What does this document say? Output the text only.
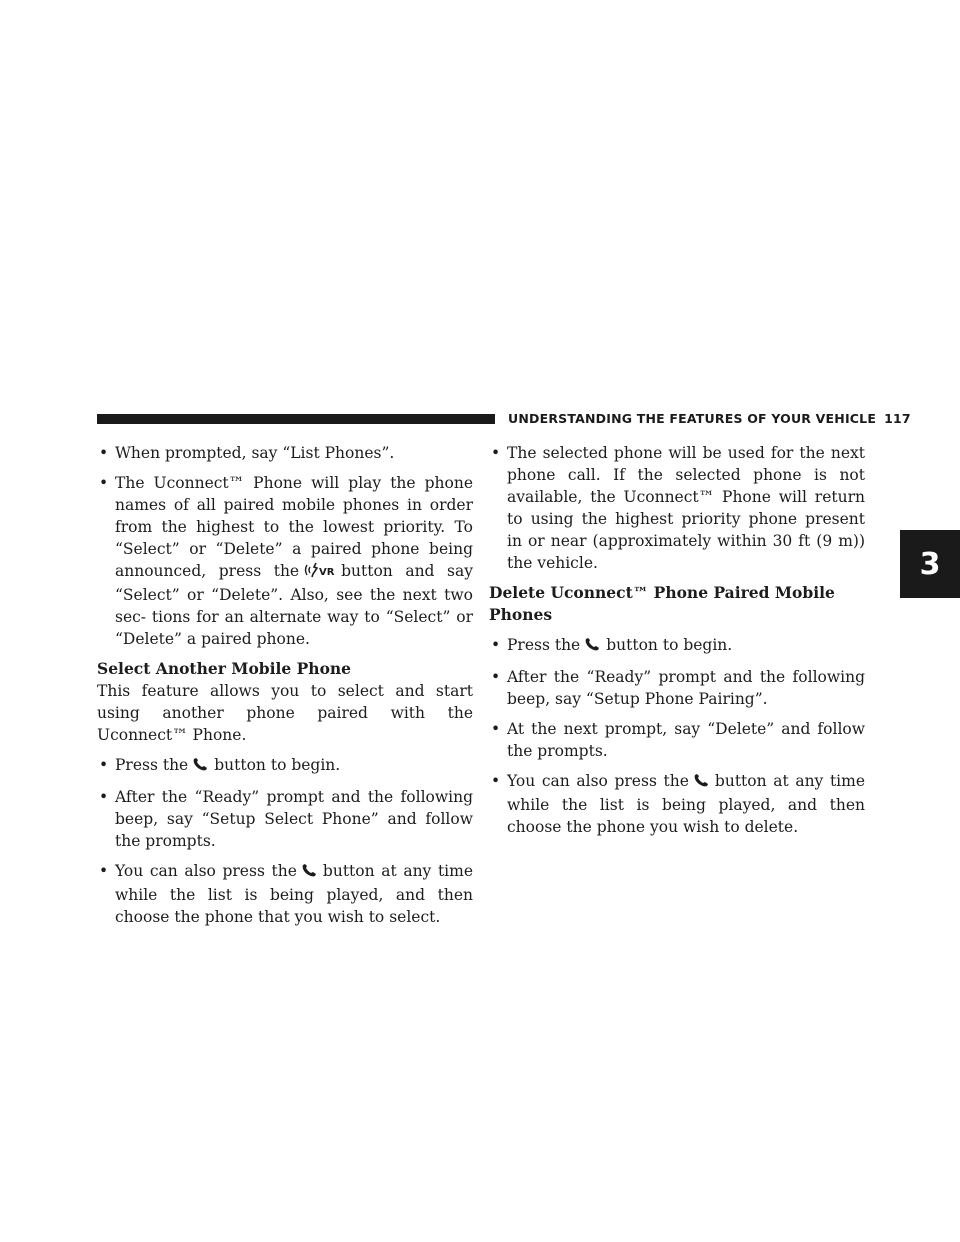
UNDERSTANDING THE FEATURES OF YOUR VEHICLE 117
3

• When prompted, say “List Phones”.

• The Uconnect™ Phone will play the phone names of all paired mobile phones in order from the highest to the lowest priority. To “Select” or “Delete” a paired phone being announced, press the VR button and say “Select” or “Delete”. Also, see the next two sec- tions for an alternate way to “Select” or “Delete” a paired phone.

Select Another Mobile Phone

This feature allows you to select and start using another phone paired with the Uconnect™ Phone.

• Press the button to begin.

• After the “Ready” prompt and the following beep, say “Setup Select Phone” and follow the prompts.

• You can also press the button at any time while the list is being played, and then choose the phone that you wish to select.

• The selected phone will be used for the next phone call. If the selected phone is not available, the Uconnect™ Phone will return to using the highest priority phone present in or near (approximately within 30 ft (9 m)) the vehicle.

Delete Uconnect™ Phone Paired Mobile Phones

• Press the button to begin.

• After the “Ready” prompt and the following beep, say “Setup Phone Pairing”.

• At the next prompt, say “Delete” and follow the prompts.

• You can also press the button at any time while the list is being played, and then choose the phone you wish to delete.
